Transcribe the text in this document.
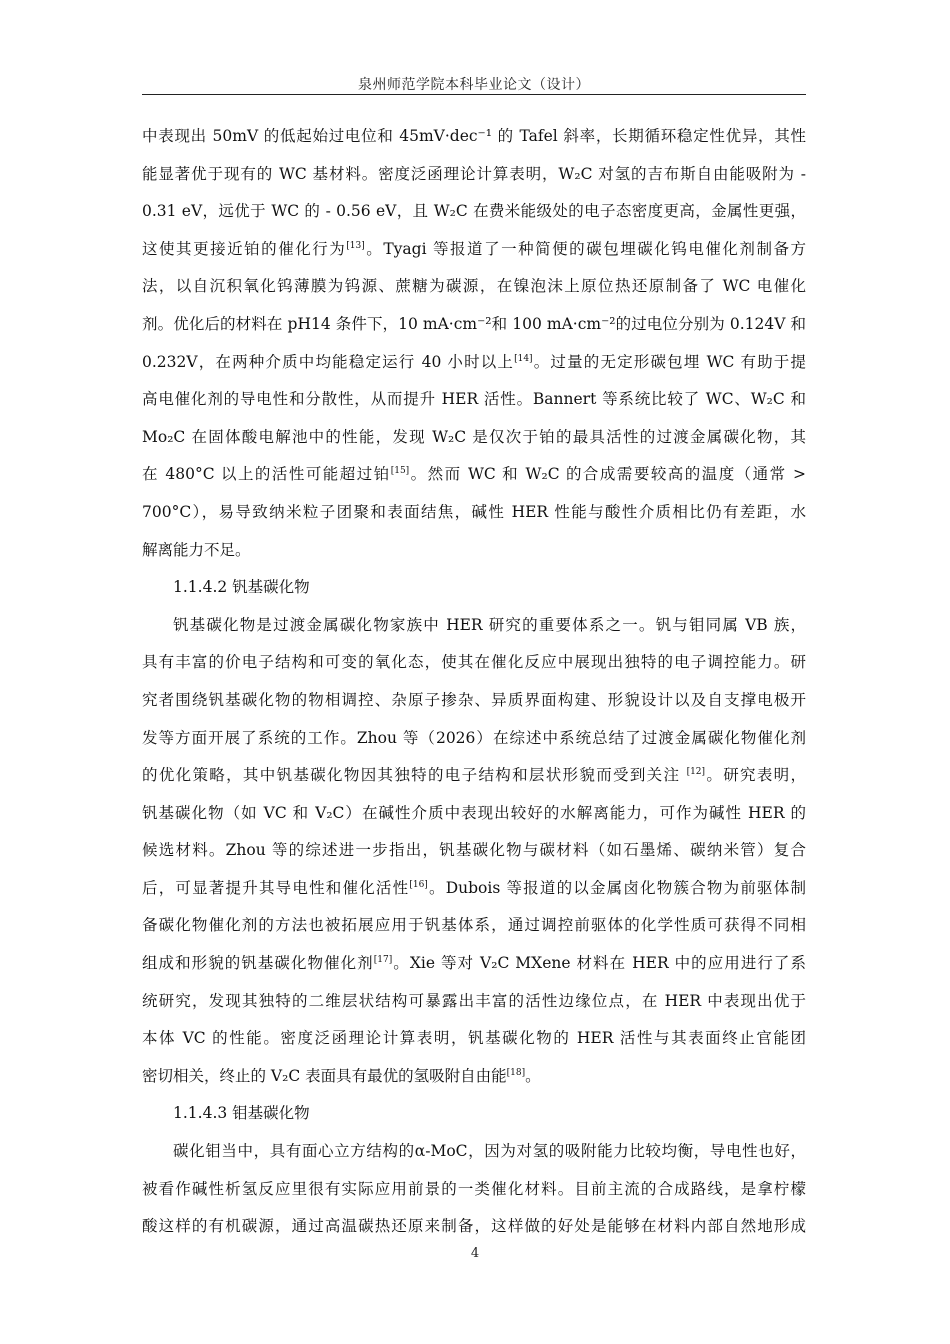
泉州师范学院本科毕业论文（设计）
中表现出 50mV 的低起始过电位和 45mV·dec⁻¹ 的 Tafel 斜率，长期循环稳定性优异，其性
能显著优于现有的 WC 基材料。密度泛函理论计算表明，W₂C 对氢的吉布斯自由能吸附为 -
0.31 eV，远优于 WC 的 - 0.56 eV，且 W₂C 在费米能级处的电子态密度更高，金属性更强，
这使其更接近铂的催化行为[13]。Tyagi 等报道了一种简便的碳包埋碳化钨电催化剂制备方
法，以自沉积氧化钨薄膜为钨源、蔗糖为碳源，在镍泡沫上原位热还原制备了 WC 电催化
剂。优化后的材料在 pH14 条件下，10 mA·cm⁻²和 100 mA·cm⁻²的过电位分别为 0.124V 和
0.232V，在两种介质中均能稳定运行 40 小时以上[14]。过量的无定形碳包埋 WC 有助于提
高电催化剂的导电性和分散性，从而提升 HER 活性。Bannert 等系统比较了 WC、W₂C 和
Mo₂C 在固体酸电解池中的性能，发现 W₂C 是仅次于铂的最具活性的过渡金属碳化物，其
在 480°C 以上的活性可能超过铂[15]。然而 WC 和 W₂C 的合成需要较高的温度（通常 >
700°C），易导致纳米粒子团聚和表面结焦，碱性 HER 性能与酸性介质相比仍有差距，水
解离能力不足。
1.1.4.2 钒基碳化物
钒基碳化物是过渡金属碳化物家族中 HER 研究的重要体系之一。钒与钼同属 VB 族，
具有丰富的价电子结构和可变的氧化态，使其在催化反应中展现出独特的电子调控能力。研
究者围绕钒基碳化物的物相调控、杂原子掺杂、异质界面构建、形貌设计以及自支撑电极开
发等方面开展了系统的工作。Zhou 等（2026）在综述中系统总结了过渡金属碳化物催化剂
的优化策略，其中钒基碳化物因其独特的电子结构和层状形貌而受到关注 [12]。研究表明，
钒基碳化物（如 VC 和 V₂C）在碱性介质中表现出较好的水解离能力，可作为碱性 HER 的
候选材料。Zhou 等的综述进一步指出，钒基碳化物与碳材料（如石墨烯、碳纳米管）复合
后，可显著提升其导电性和催化活性[16]。Dubois 等报道的以金属卤化物簇合物为前驱体制
备碳化物催化剂的方法也被拓展应用于钒基体系，通过调控前驱体的化学性质可获得不同相
组成和形貌的钒基碳化物催化剂[17]。Xie 等对 V₂C MXene 材料在 HER 中的应用进行了系
统研究，发现其独特的二维层状结构可暴露出丰富的活性边缘位点，在 HER 中表现出优于
本体 VC 的性能。密度泛函理论计算表明，钒基碳化物的 HER 活性与其表面终止官能团
密切相关，终止的 V₂C 表面具有最优的氢吸附自由能[18]。
1.1.4.3 钼基碳化物
碳化钼当中，具有面心立方结构的α-MoC，因为对氢的吸附能力比较均衡，导电性也好，
被看作碱性析氢反应里很有实际应用前景的一类催化材料。目前主流的合成路线，是拿柠檬
酸这样的有机碳源，通过高温碳热还原来制备，这样做的好处是能够在材料内部自然地形成
4
